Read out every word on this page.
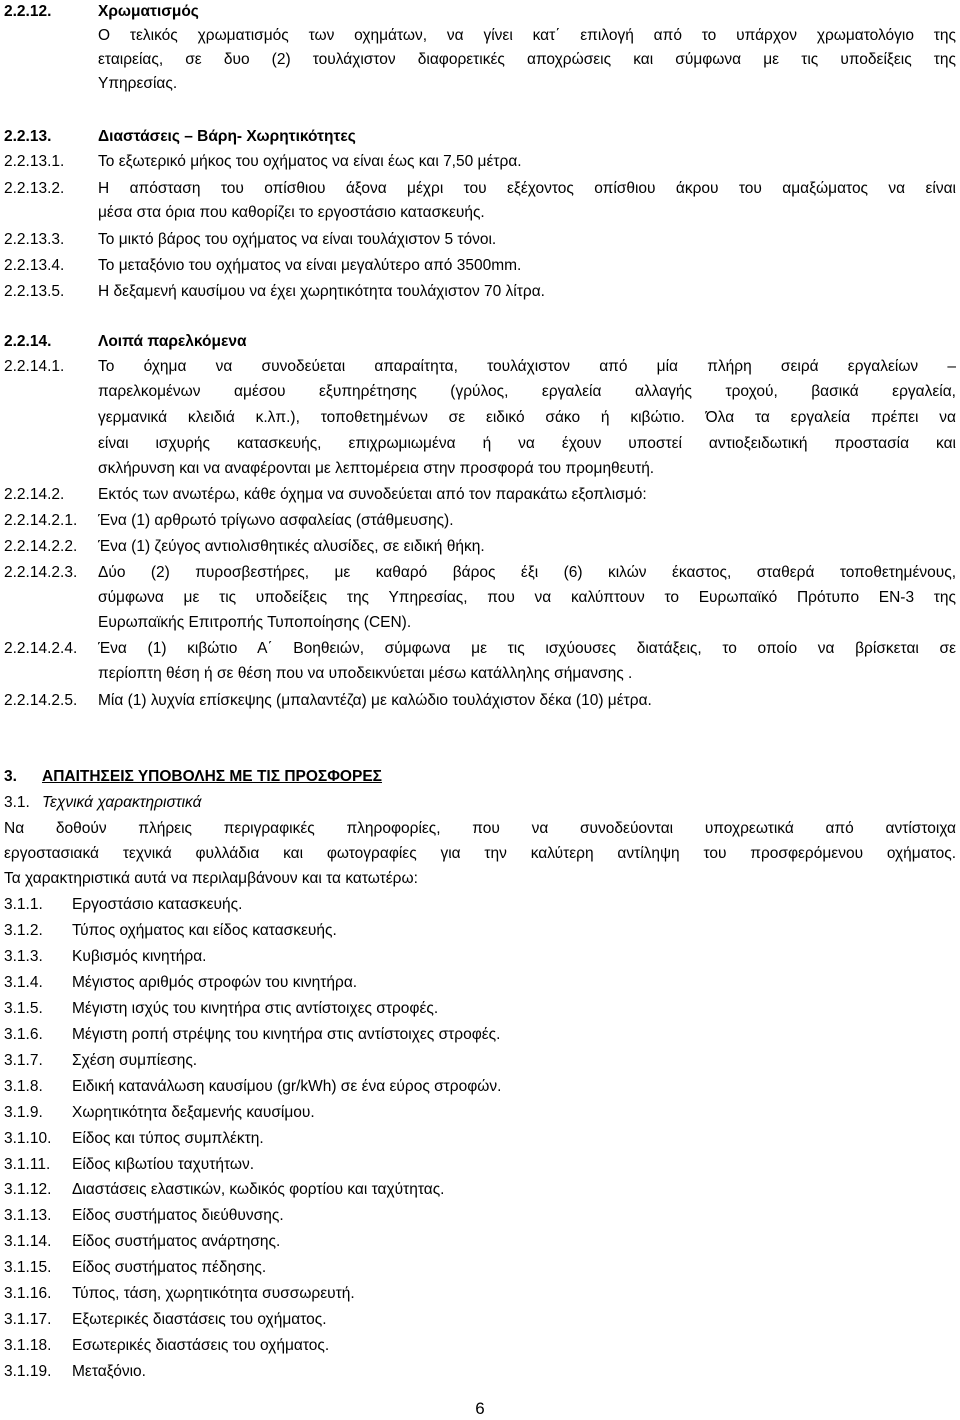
2.2.12.	Χρωματισμός
Ο τελικός χρωματισμός των οχημάτων, να γίνει κατ΄ επιλογή από το υπάρχον χρωματολόγιο της
εταιρείας, σε δυο (2) τουλάχιστον διαφορετικές αποχρώσεις και σύμφωνα με τις υποδείξεις της
Υπηρεσίας.
2.2.13.	Διαστάσεις – Βάρη- Χωρητικότητες
2.2.13.1. Το εξωτερικό μήκος του οχήματος να είναι έως και 7,50 μέτρα.
2.2.13.2. Η απόσταση του οπίσθιου άξονα μέχρι του εξέχοντος οπίσθιου άκρου του αμαξώματος να είναι
μέσα στα όρια που καθορίζει το εργοστάσιο κατασκευής.
2.2.13.3. Το μικτό βάρος του οχήματος να είναι τουλάχιστον 5 τόνοι.
2.2.13.4. Το μεταξόνιο του οχήματος να είναι μεγαλύτερο από 3500mm.
2.2.13.5. Η δεξαμενή καυσίμου να έχει χωρητικότητα τουλάχιστον 70 λίτρα.
2.2.14.	Λοιπά παρελκόμενα
2.2.14.1. Το όχημα να συνοδεύεται απαραίτητα, τουλάχιστον από μία πλήρη σειρά εργαλείων –
παρελκομένων αμέσου εξυπηρέτησης (γρύλος, εργαλεία αλλαγής τροχού, βασικά εργαλεία,
γερμανικά κλειδιά κ.λπ.), τοποθετημένων σε ειδικό σάκο ή κιβώτιο. Όλα τα εργαλεία πρέπει να
είναι ισχυρής κατασκευής, επιχρωμιωμένα ή να έχουν υποστεί αντιοξειδωτική προστασία και
σκλήρυνση και να αναφέρονται με λεπτομέρεια στην προσφορά του προμηθευτή.
2.2.14.2. Εκτός των ανωτέρω, κάθε όχημα να συνοδεύεται από τον παρακάτω εξοπλισμό:
2.2.14.2.1. Ένα (1) αρθρωτό τρίγωνο ασφαλείας (στάθμευσης).
2.2.14.2.2. Ένα (1) ζεύγος αντιολισθητικές αλυσίδες, σε ειδική θήκη.
2.2.14.2.3. Δύο (2) πυροσβεστήρες, με καθαρό βάρος έξι (6) κιλών έκαστος, σταθερά τοποθετημένους,
σύμφωνα με τις υποδείξεις της Υπηρεσίας, που να καλύπτουν το Ευρωπαϊκό Πρότυπο ΕΝ-3 της
Ευρωπαϊκής Επιτροπής Τυποποίησης (CEN).
2.2.14.2.4. Ένα (1) κιβώτιο Α΄ Βοηθειών, σύμφωνα με τις ισχύουσες διατάξεις, το οποίο να βρίσκεται σε
περίοπτη θέση ή σε θέση που να υποδεικνύεται μέσω κατάλληλης σήμανσης .
2.2.14.2.5. Μία (1) λυχνία επίσκεψης (μπαλαντέζα) με καλώδιο τουλάχιστον δέκα (10) μέτρα.
3. ΑΠΑΙΤΗΣΕΙΣ ΥΠΟΒΟΛΗΣ ΜΕ ΤΙΣ ΠΡΟΣΦΟΡΕΣ
3.1. Τεχνικά χαρακτηριστικά
Να δοθούν πλήρεις περιγραφικές πληροφορίες, που να συνοδεύονται υποχρεωτικά από αντίστοιχα
εργοστασιακά τεχνικά φυλλάδια και φωτογραφίες για την καλύτερη αντίληψη του προσφερόμενου οχήματος.
Τα χαρακτηριστικά αυτά να περιλαμβάνουν και τα κατωτέρω:
3.1.1. Εργοστάσιο κατασκευής.
3.1.2. Τύπος οχήματος και είδος κατασκευής.
3.1.3. Κυβισμός κινητήρα.
3.1.4. Μέγιστος αριθμός στροφών του κινητήρα.
3.1.5. Μέγιστη ισχύς του κινητήρα στις αντίστοιχες στροφές.
3.1.6. Μέγιστη ροπή στρέψης του κινητήρα στις αντίστοιχες στροφές.
3.1.7. Σχέση συμπίεσης.
3.1.8. Ειδική κατανάλωση καυσίμου (gr/kWh) σε ένα εύρος στροφών.
3.1.9. Χωρητικότητα δεξαμενής καυσίμου.
3.1.10. Είδος και τύπος συμπλέκτη.
3.1.11. Είδος κιβωτίου ταχυτήτων.
3.1.12. Διαστάσεις ελαστικών, κωδικός φορτίου και ταχύτητας.
3.1.13. Είδος συστήματος διεύθυνσης.
3.1.14. Είδος συστήματος ανάρτησης.
3.1.15. Είδος συστήματος πέδησης.
3.1.16. Τύπος, τάση, χωρητικότητα συσσωρευτή.
3.1.17. Εξωτερικές διαστάσεις του οχήματος.
3.1.18. Εσωτερικές διαστάσεις του οχήματος.
3.1.19. Μεταξόνιο.
6
